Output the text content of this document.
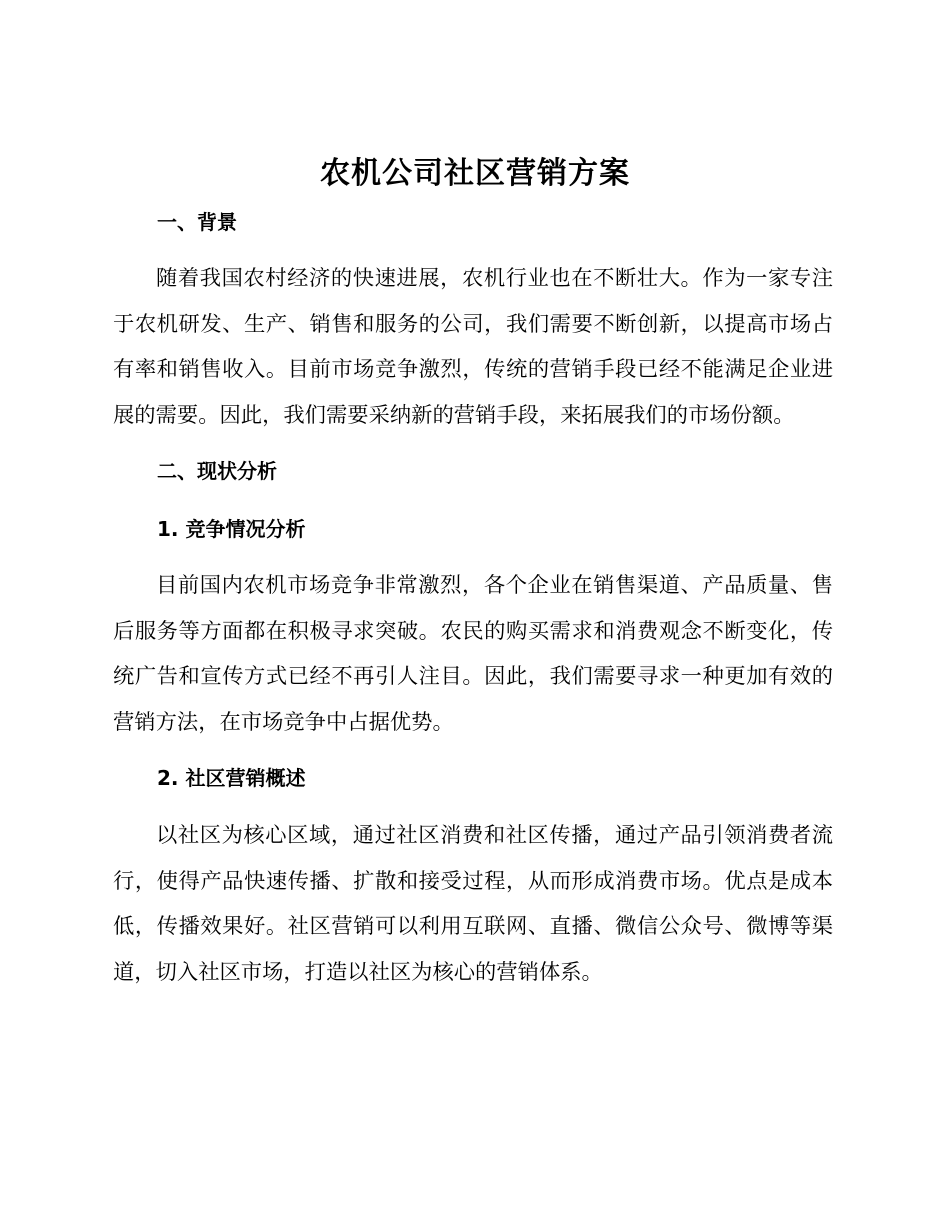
农机公司社区营销方案
一、背景

随着我国农村经济的快速进展，农机行业也在不断壮大。作为一家专注于农机研发、生产、销售和服务的公司，我们需要不断创新，以提高市场占有率和销售收入。目前市场竞争激烈，传统的营销手段已经不能满足企业进展的需要。因此，我们需要采纳新的营销手段，来拓展我们的市场份额。

二、现状分析
1. 竞争情况分析

目前国内农机市场竞争非常激烈，各个企业在销售渠道、产品质量、售后服务等方面都在积极寻求突破。农民的购买需求和消费观念不断变化，传统广告和宣传方式已经不再引人注目。因此，我们需要寻求一种更加有效的营销方法，在市场竞争中占据优势。

2. 社区营销概述

以社区为核心区域，通过社区消费和社区传播，通过产品引领消费者流行，使得产品快速传播、扩散和接受过程，从而形成消费市场。优点是成本低，传播效果好。社区营销可以利用互联网、直播、微信公众号、微博等渠道，切入社区市场，打造以社区为核心的营销体系。
